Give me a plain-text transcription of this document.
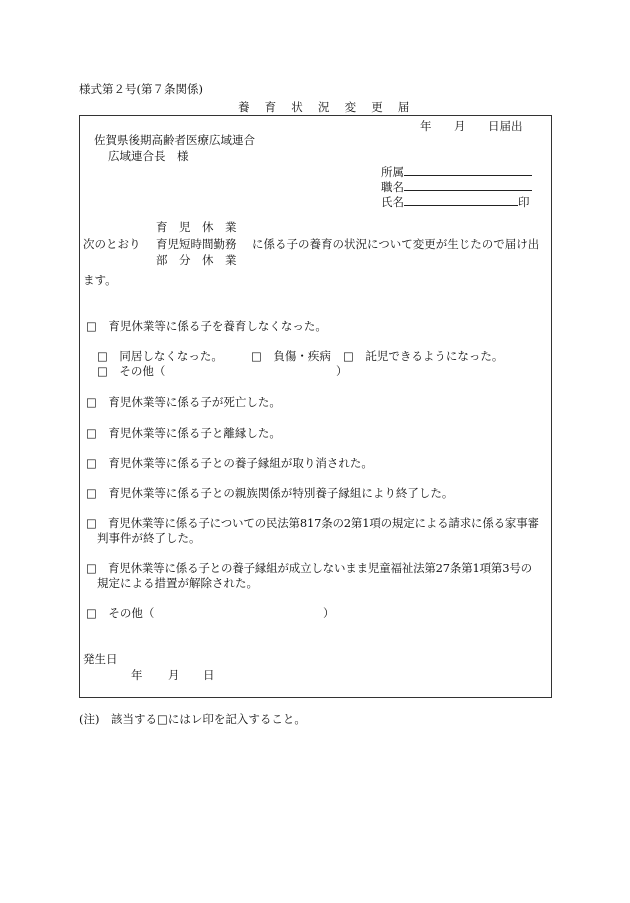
様式第２号(第７条関係)
養 育 状 況 変 更 届
年 月 日届出
佐賀県後期高齢者医療広域連合
広域連合長　様
所属
職名
氏名	印
育　児　休　業
次のとおり 育児短時間勤務 に係る子の養育の状況について変更が生じたので届け出
部　分　休　業
ます。
□　 育児休業等に係る子を養育しなくなった。
□　 同居しなくなった。 □　 負傷・疾病 □　 託児できるようになった。
□　 その他（	）
□　 育児休業等に係る子が死亡した。
□　 育児休業等に係る子と離縁した。
□　 育児休業等に係る子との養子縁組が取り消された。
□　 育児休業等に係る子との親族関係が特別養子縁組により終了した。
□　 育児休業等に係る子についての民法第817条の2第1項の規定による請求に係る家事審
判事件が終了した。
□　 育児休業等に係る子との養子縁組が成立しないまま児童福祉法第27条第1項第3号の
規定による措置が解除された。
□　 その他（	）
発生日
年 月 日
(注)　該当する□にはレ印を記入すること。
